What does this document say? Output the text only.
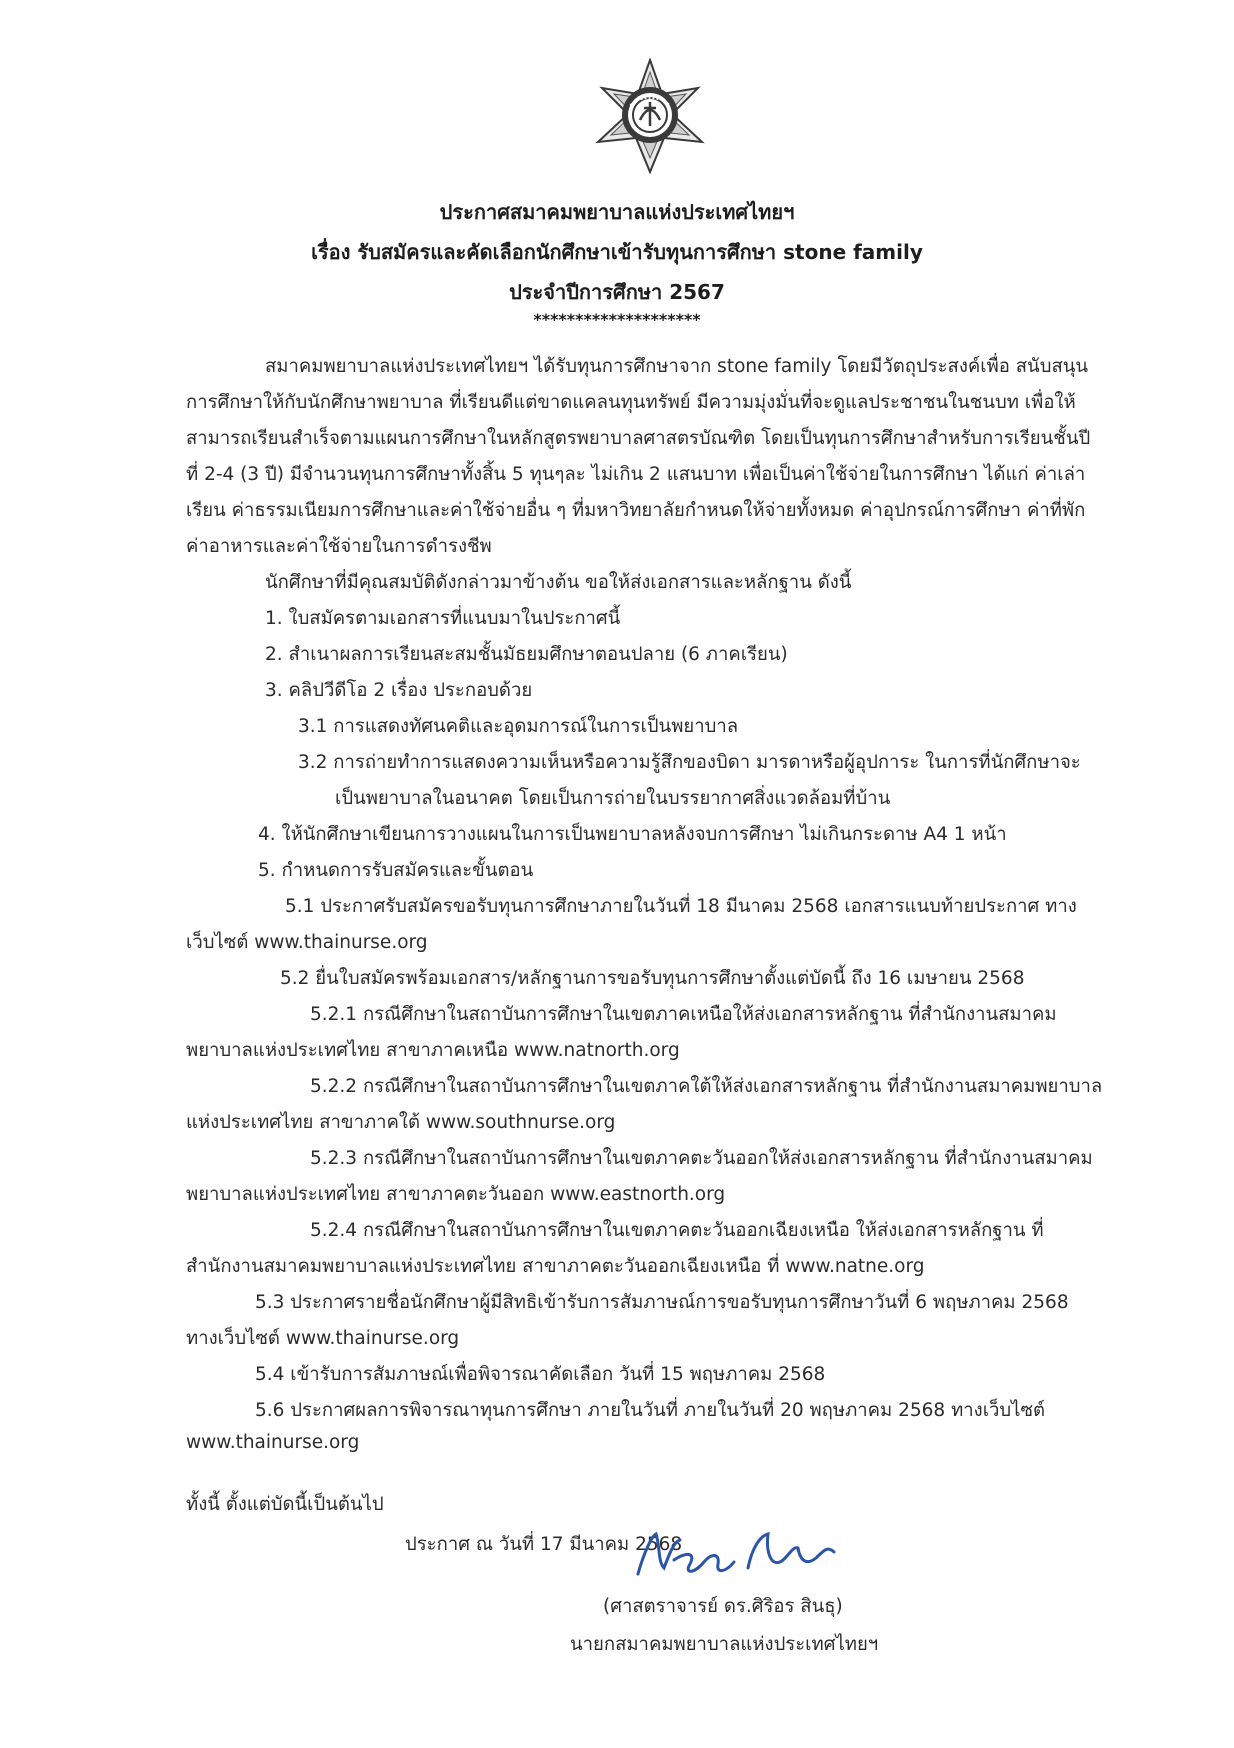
ประกาศสมาคมพยาบาลแห่งประเทศไทยฯ
เรื่อง รับสมัครและคัดเลือกนักศึกษาเข้ารับทุนการศึกษา stone family
ประจำปีการศึกษา 2567
********************
สมาคมพยาบาลแห่งประเทศไทยฯ ได้รับทุนการศึกษาจาก stone family โดยมีวัตถุประสงค์เพื่อ สนับสนุน
การศึกษาให้กับนักศึกษาพยาบาล ที่เรียนดีแต่ขาดแคลนทุนทรัพย์ มีความมุ่งมั่นที่จะดูแลประชาชนในชนบท เพื่อให้
สามารถเรียนสำเร็จตามแผนการศึกษาในหลักสูตรพยาบาลศาสตรบัณฑิต โดยเป็นทุนการศึกษาสำหรับการเรียนชั้นปี
ที่ 2-4 (3 ปี) มีจำนวนทุนการศึกษาทั้งสิ้น 5 ทุนๆละ ไม่เกิน 2 แสนบาท เพื่อเป็นค่าใช้จ่ายในการศึกษา ได้แก่ ค่าเล่า
เรียน ค่าธรรมเนียมการศึกษาและค่าใช้จ่ายอื่น ๆ ที่มหาวิทยาลัยกำหนดให้จ่ายทั้งหมด ค่าอุปกรณ์การศึกษา ค่าที่พัก
ค่าอาหารและค่าใช้จ่ายในการดำรงชีพ
นักศึกษาที่มีคุณสมบัติดังกล่าวมาข้างต้น ขอให้ส่งเอกสารและหลักฐาน ดังนี้
1. ใบสมัครตามเอกสารที่แนบมาในประกาศนี้
2. สำเนาผลการเรียนสะสมชั้นมัธยมศึกษาตอนปลาย (6 ภาคเรียน)
3. คลิปวีดีโอ 2 เรื่อง ประกอบด้วย
3.1 การแสดงทัศนคติและอุดมการณ์ในการเป็นพยาบาล
3.2 การถ่ายทำการแสดงความเห็นหรือความรู้สึกของบิดา มารดาหรือผู้อุปการะ ในการที่นักศึกษาจะ
เป็นพยาบาลในอนาคต โดยเป็นการถ่ายในบรรยากาศสิ่งแวดล้อมที่บ้าน
4. ให้นักศึกษาเขียนการวางแผนในการเป็นพยาบาลหลังจบการศึกษา ไม่เกินกระดาษ A4 1 หน้า
5. กำหนดการรับสมัครและขั้นตอน
5.1 ประกาศรับสมัครขอรับทุนการศึกษาภายในวันที่ 18 มีนาคม 2568 เอกสารแนบท้ายประกาศ ทาง
เว็บไซต์ www.thainurse.org
5.2 ยื่นใบสมัครพร้อมเอกสาร/หลักฐานการขอรับทุนการศึกษาตั้งแต่บัดนี้ ถึง 16 เมษายน 2568
5.2.1 กรณีศึกษาในสถาบันการศึกษาในเขตภาคเหนือให้ส่งเอกสารหลักฐาน ที่สำนักงานสมาคม
พยาบาลแห่งประเทศไทย สาขาภาคเหนือ www.natnorth.org
5.2.2 กรณีศึกษาในสถาบันการศึกษาในเขตภาคใต้ให้ส่งเอกสารหลักฐาน ที่สำนักงานสมาคมพยาบาล
แห่งประเทศไทย สาขาภาคใต้ www.southnurse.org
5.2.3 กรณีศึกษาในสถาบันการศึกษาในเขตภาคตะวันออกให้ส่งเอกสารหลักฐาน ที่สำนักงานสมาคม
พยาบาลแห่งประเทศไทย สาขาภาคตะวันออก www.eastnorth.org
5.2.4 กรณีศึกษาในสถาบันการศึกษาในเขตภาคตะวันออกเฉียงเหนือ ให้ส่งเอกสารหลักฐาน ที่
สำนักงานสมาคมพยาบาลแห่งประเทศไทย สาขาภาคตะวันออกเฉียงเหนือ ที่ www.natne.org
5.3 ประกาศรายชื่อนักศึกษาผู้มีสิทธิเข้ารับการสัมภาษณ์การขอรับทุนการศึกษาวันที่ 6 พฤษภาคม 2568
ทางเว็บไซต์ www.thainurse.org
5.4 เข้ารับการสัมภาษณ์เพื่อพิจารณาคัดเลือก วันที่ 15 พฤษภาคม 2568
5.6 ประกาศผลการพิจารณาทุนการศึกษา ภายในวันที่ ภายในวันที่ 20 พฤษภาคม 2568 ทางเว็บไซต์
www.thainurse.org
ทั้งนี้ ตั้งแต่บัดนี้เป็นต้นไป
ประกาศ ณ วันที่ 17 มีนาคม 2568
(ศาสตราจารย์ ดร.ศิริอร สินธุ)
นายกสมาคมพยาบาลแห่งประเทศไทยฯ
